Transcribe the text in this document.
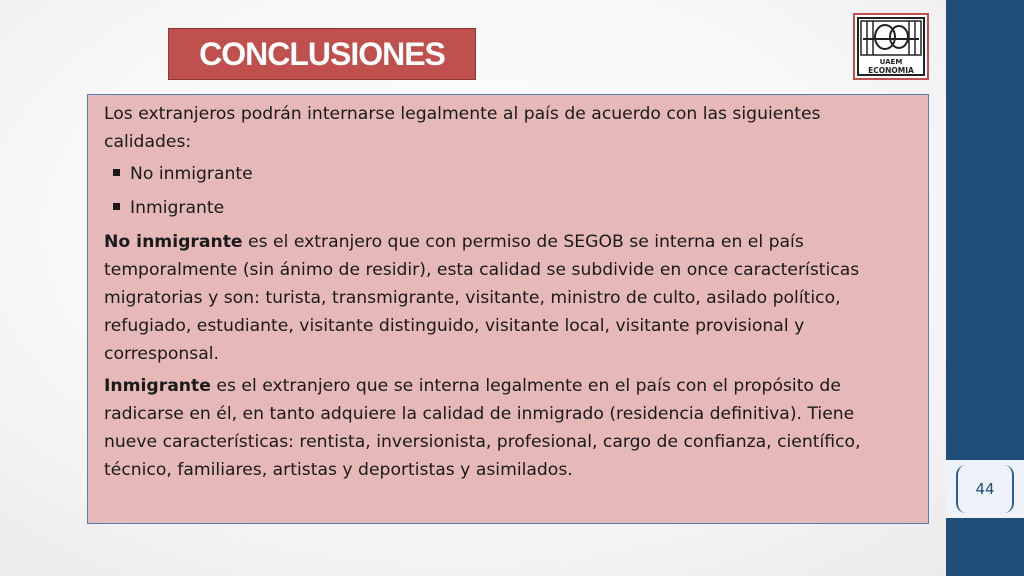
44
CONCLUSIONES	UAEM
ECONOMIA

Los extranjeros podrán internarse legalmente al país de acuerdo con las siguientes calidades:

No inmigrante
Inmigrante

No inmigrante es el extranjero que con permiso de SEGOB se interna en el país temporalmente (sin ánimo de residir), esta calidad se subdivide en once características migratorias y son: turista, transmigrante, visitante, ministro de culto, asilado político, refugiado, estudiante, visitante distinguido, visitante local, visitante provisional y corresponsal.

Inmigrante es el extranjero que se interna legalmente en el país con el propósito de radicarse en él, en tanto adquiere la calidad de inmigrado (residencia definitiva). Tiene nueve características: rentista, inversionista, profesional, cargo de confianza, científico, técnico, familiares, artistas y deportistas y asimilados.
